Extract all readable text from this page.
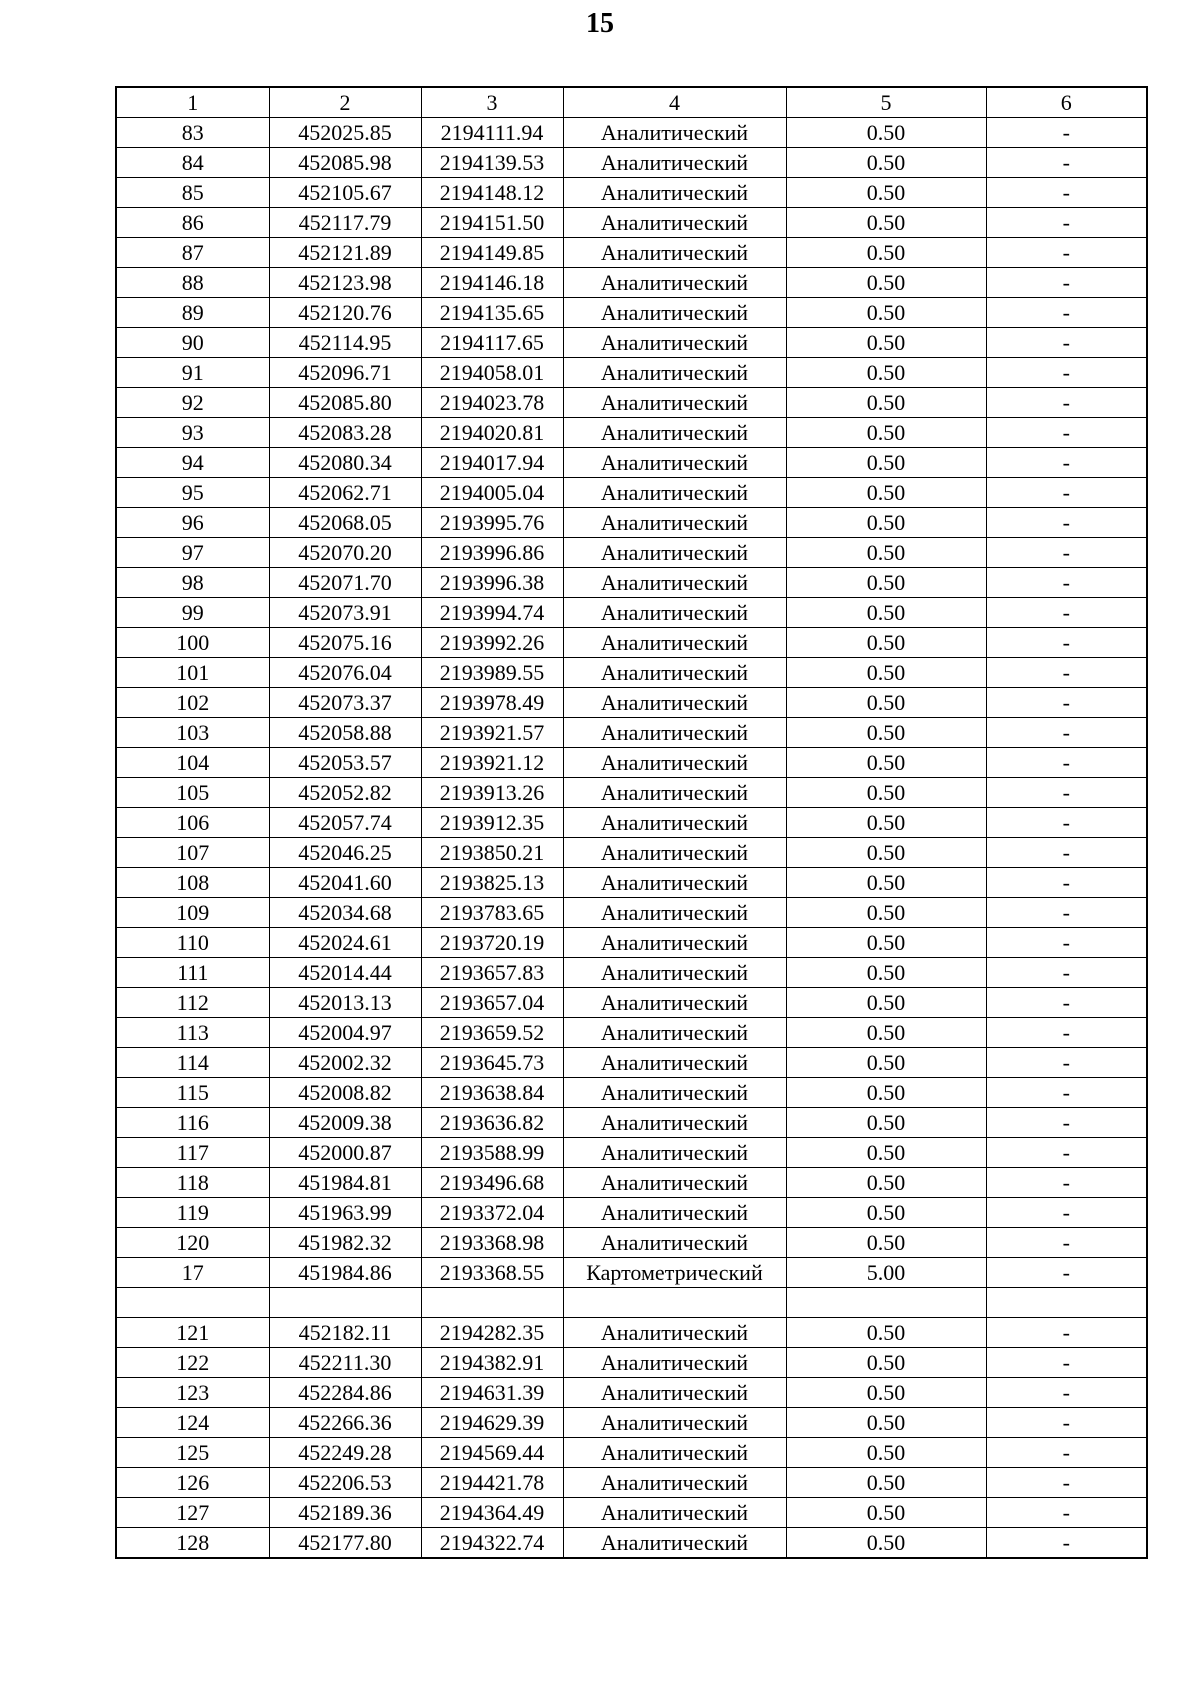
15
1	2	3	4	5	6
83	452025.85	2194111.94	Аналитический	0.50	-
84	452085.98	2194139.53	Аналитический	0.50	-
85	452105.67	2194148.12	Аналитический	0.50	-
86	452117.79	2194151.50	Аналитический	0.50	-
87	452121.89	2194149.85	Аналитический	0.50	-
88	452123.98	2194146.18	Аналитический	0.50	-
89	452120.76	2194135.65	Аналитический	0.50	-
90	452114.95	2194117.65	Аналитический	0.50	-
91	452096.71	2194058.01	Аналитический	0.50	-
92	452085.80	2194023.78	Аналитический	0.50	-
93	452083.28	2194020.81	Аналитический	0.50	-
94	452080.34	2194017.94	Аналитический	0.50	-
95	452062.71	2194005.04	Аналитический	0.50	-
96	452068.05	2193995.76	Аналитический	0.50	-
97	452070.20	2193996.86	Аналитический	0.50	-
98	452071.70	2193996.38	Аналитический	0.50	-
99	452073.91	2193994.74	Аналитический	0.50	-
100	452075.16	2193992.26	Аналитический	0.50	-
101	452076.04	2193989.55	Аналитический	0.50	-
102	452073.37	2193978.49	Аналитический	0.50	-
103	452058.88	2193921.57	Аналитический	0.50	-
104	452053.57	2193921.12	Аналитический	0.50	-
105	452052.82	2193913.26	Аналитический	0.50	-
106	452057.74	2193912.35	Аналитический	0.50	-
107	452046.25	2193850.21	Аналитический	0.50	-
108	452041.60	2193825.13	Аналитический	0.50	-
109	452034.68	2193783.65	Аналитический	0.50	-
110	452024.61	2193720.19	Аналитический	0.50	-
111	452014.44	2193657.83	Аналитический	0.50	-
112	452013.13	2193657.04	Аналитический	0.50	-
113	452004.97	2193659.52	Аналитический	0.50	-
114	452002.32	2193645.73	Аналитический	0.50	-
115	452008.82	2193638.84	Аналитический	0.50	-
116	452009.38	2193636.82	Аналитический	0.50	-
117	452000.87	2193588.99	Аналитический	0.50	-
118	451984.81	2193496.68	Аналитический	0.50	-
119	451963.99	2193372.04	Аналитический	0.50	-
120	451982.32	2193368.98	Аналитический	0.50	-
17	451984.86	2193368.55	Картометрический	5.00	-

121	452182.11	2194282.35	Аналитический	0.50	-
122	452211.30	2194382.91	Аналитический	0.50	-
123	452284.86	2194631.39	Аналитический	0.50	-
124	452266.36	2194629.39	Аналитический	0.50	-
125	452249.28	2194569.44	Аналитический	0.50	-
126	452206.53	2194421.78	Аналитический	0.50	-
127	452189.36	2194364.49	Аналитический	0.50	-
128	452177.80	2194322.74	Аналитический	0.50	-
